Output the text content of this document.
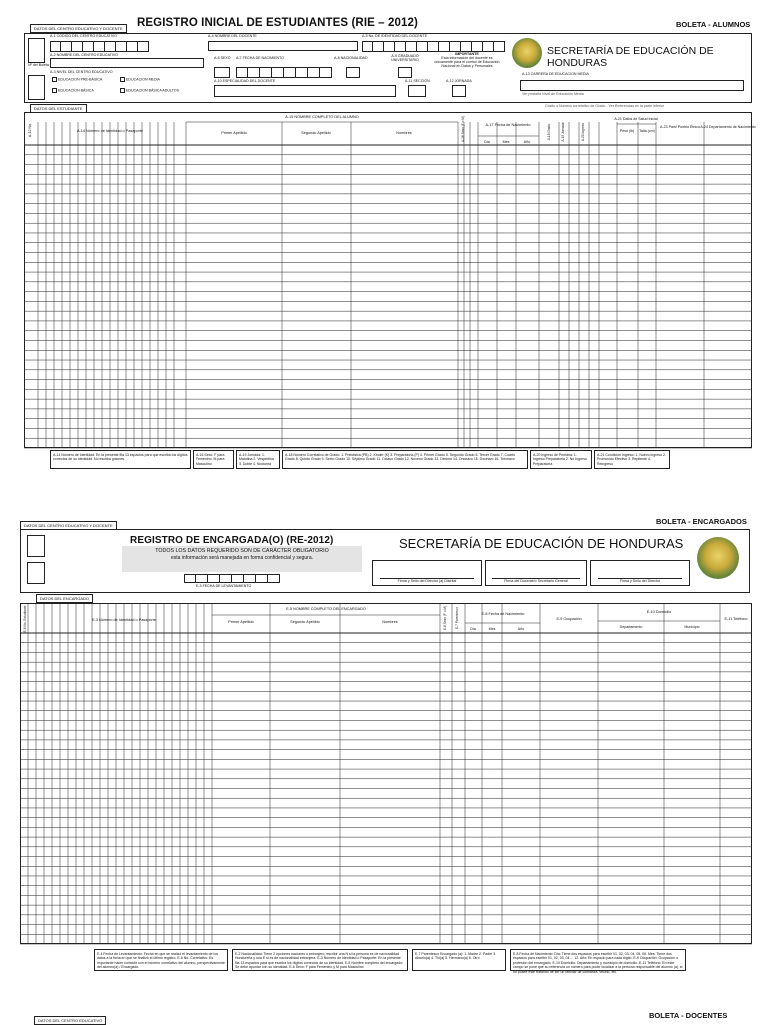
DATOS DEL CENTRO EDUCATIVO Y DOCENTE	REGISTRO INICIAL DE ESTUDIANTES (RIE – 2012)	BOLETA - ALUMNOS
Nº del Boleta
A-1 CODIGO DEL CENTRO EDUCATIVO
A-2 NOMBRE DEL CENTRO EDUCATIVO
A-3 NIVEL DEL CENTRO EDUCATIVO
EDUCACION PRE-BÁSICA	EDUCACION MEDIA
EDUCACION BÁSICA	EDUCACION BÁSICA ADULTOS
A-4 NOMBRE DEL DOCENTE	A-5 No. DE IDENTIDAD DEL DOCENTE
A-6 SEXO A-7 FECHA DE NACIMIENTO	A-8 NACIONALIDAD	A-9 GRADUADO UNIVERSITARIO
IMPORTANTE
Esta información del docente es únicamente para el control de Educación Nacional en Datos y Personales
A-10 ESPECIALIDAD DEL DOCENTE	A-11 SECCIÓN	A-12 JORNADA
SECRETARÍA DE EDUCACIÓN DE HONDURAS
A-13 CARRERA DE EDUCACION MEDIA
Ver pestaña Nivel de Educación Media
DATOS DEL ESTUDIANTE	Grado o Número correlativo de Grado - Ver Referencias en la parte inferior
A-12 No.	A-14 Número de Identidad o Pasaporte
A-15 NOMBRE COMPLETO DEL ALUMNO
Primer Apellido	Segundo Apellido	Nombres	A-16 Sexo (F o M)	A-17 Fecha de Nacimiento
Día	Mes	Año
A-18 Grado	A-19 Jornada	A-20 Ingreso
A-21 Datos de Salud Inicial
Peso (lb) Talla (cm)
A-23 País/ Pueblo Étnico A-24 Departamento de Nacimiento
A-14 Número de Identidad: En la presente fila 13 espacios para que escriba los dígitos correctos de su identidad. No escriba guiones.
A-16 Sexo: F para Femenino, M para Masculino
A-19 Jornada: 1. Matutina 2. Vespertina 3. Doble 4. Nocturna
A-18 Número Correlativo de Grado: 1. Prebásica (PB) 2. Kinder (K) 3. Preparatoria (P) 4. Primer Grado 5. Segundo Grado 6. Tercer Grado 7. Cuarto Grado 8. Quinto Grado 9. Sexto Grado 10. Séptimo Grado 11. Octavo Grado 12. Noveno Grado 13. Décimo 14. Onceavo 15. Doceavo 16. Treceavo
A-20 Ingreso de Primaria: 1. Ingreso Preparatoria 2. No Ingreso Preparatoria
A-21 Condición Ingreso: 1. Nuevo ingreso 2. Promovido Efectivo 3. Repitente 4. Reingreso
BOLETA - ENCARGADOS
DATOS DEL CENTRO EDUCATIVO Y DOCENTE
REGISTRO DE ENCARGADA(O) (RE-2012)
TODOS LOS DATOS REQUERIDO SON DE CARÁCTER OBLIGATORIO
esta información será manejada en forma confidencial y segura.
E-5 FECHA DE LEVANTAMIENTO
SECRETARÍA DE EDUCACIÓN DE HONDURAS
Firma y Sello del Director (a) Distrital	Firma del Docente/o Secretario General	Firma y Sello del Director
DATOS DEL ENCARGADO
E-6 No. Estudiante	E-3 Número de Identidad o Pasaporte
E-5 NOMBRE COMPLETO DEL ENCARGADO
Primer Apellido	Segundo Apellido	Nombres	E-6 Sexo (F o M)	E-7 Parentesco	E-8 Fecha de Nacimiento
Día	Mes	Año
E-9 Ocupación
E-10 Domicilio
Departamento	Municipio
E-11 Teléfono
E-4 Fecha de Levantamiento: Fecha en que se realizó el levantamiento de los datos a la ficha en que se finalizó el último registro. E-6 No. Correlativo: Es importante hacer coincidir con el número correlativo del alumno, perspectivamente del alumno(a) / Encargado.
E-2 Nacionalidad: Tiene 2 opciones naciones o extranjero, escribir una N si la persona es de nacionalidad Hondureña y una E si es de nacionalidad extranjera. E-3 Número de Identidad o Pasaporte: En la presente fila 13 espacios para que escriba los dígitos correctos de su identidad. E-5 Nombre completo del encargado: Se debe apuntar con su identidad. E-6 Sexo: F para Femenino y M para Masculino
E-7 Parentesco Encargado (a): 1. Madre 2. Padre 3. Abuelo(a) 4. Tío(a) 5. Hermano(a) 6. Otro
E-8 Fecha de Nacimiento: Día: Tiene dos espacios para escribir 01, 02, 03, 04, 05, 06. Mes: Tiene dos espacios para escribir 01, 02, 03, 04 ... 12. Año: En espacio para cada dígito. E-9 Ocupación: Ocupación o profesión del encargado. E-10 Domicilio: Departamento y municipio de domicilio. E-11 Teléfono: En este campo se pone que su referencia un número para poder localizar a la persona responsable del alumno (a), si no posee este tratando de ser un familiar de confianza, vecino, etc.
BOLETA - DOCENTES
DATOS DEL CENTRO EDUCATIVO
